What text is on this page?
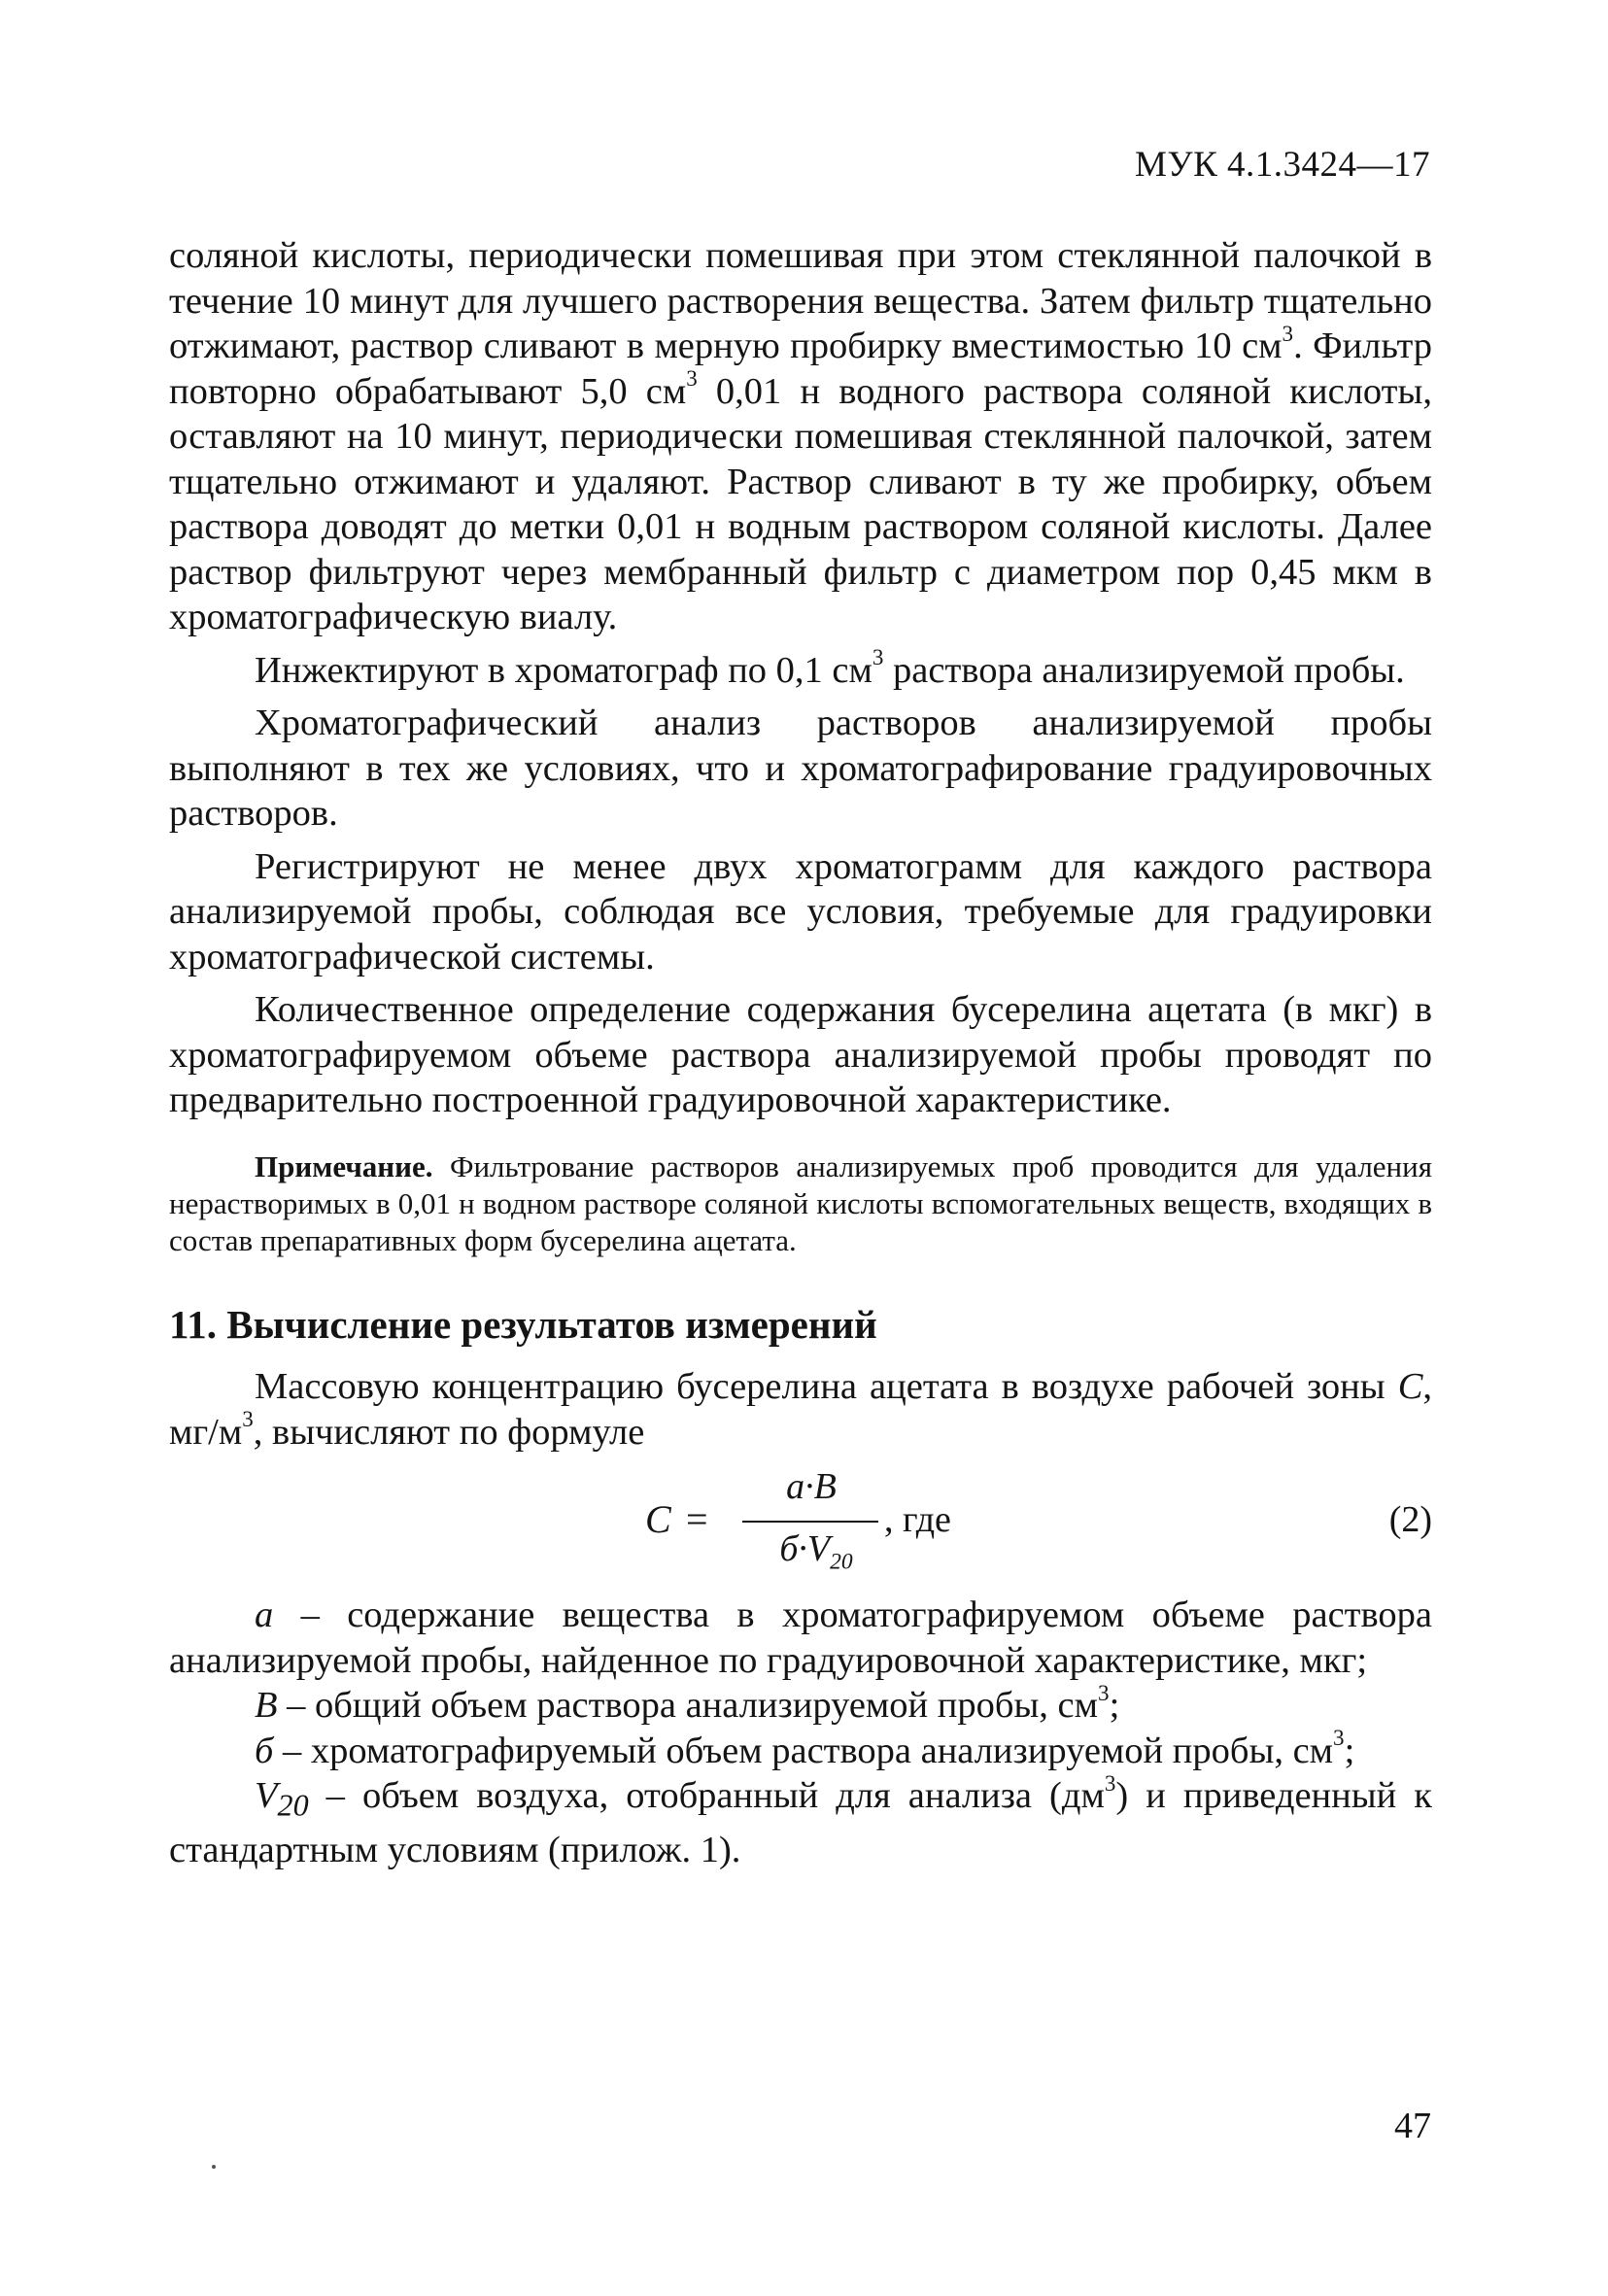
МУК 4.1.3424—17

соляной кислоты, периодически помешивая при этом стеклянной палочкой в течение 10 минут для лучшего растворения вещества. Затем фильтр тщательно отжимают, раствор сливают в мерную пробирку вместимостью 10 $см^3$. Фильтр повторно обрабатывают 5,0 $см^3$ 0,01 н водного раствора соляной кислоты, оставляют на 10 минут, периодически помешивая стеклянной палочкой, затем тщательно отжимают и удаляют. Раствор сливают в ту же пробирку, объем раствора доводят до метки 0,01 н водным раствором соляной кислоты. Далее раствор фильтруют через мембранный фильтр с диаметром пор 0,45 мкм в хроматографическую виалу.

Инжектируют в хроматограф по 0,1 $см^3$ раствора анализируемой пробы.

Хроматографический анализ растворов анализируемой пробы выполняют в тех же условиях, что и хроматографирование градуировочных растворов.

Регистрируют не менее двух хроматограмм для каждого раствора анализируемой пробы, соблюдая все условия, требуемые для градуировки хроматографической системы.

Количественное определение содержания бусерелина ацетата (в мкг) в хроматографируемом объеме раствора анализируемой пробы проводят по предварительно построенной градуировочной характеристике.

Примечание. Фильтрование растворов анализируемых проб проводится для удаления нерастворимых в 0,01 н водном растворе соляной кислоты вспомогательных веществ, входящих в состав препаративных форм бусерелина ацетата.

11. Вычисление результатов измерений

Массовую концентрацию бусерелина ацетата в воздухе рабочей зоны С, $мг/м^3$, вычисляют по формуле

C =
а·В
$б\cdot V_{20}$
, где	(2)

а – содержание вещества в хроматографируемом объеме раствора анализируемой пробы, найденное по градуировочной характеристике, мкг;

В – общий объем раствора анализируемой пробы, $см^3$;

б – хроматографируемый объем раствора анализируемой пробы, $см^3$;

$V_{20}$ – объем воздуха, отобранный для анализа $(дм^3)$ и приведенный к стандартным условиям (прилож. 1).

47
